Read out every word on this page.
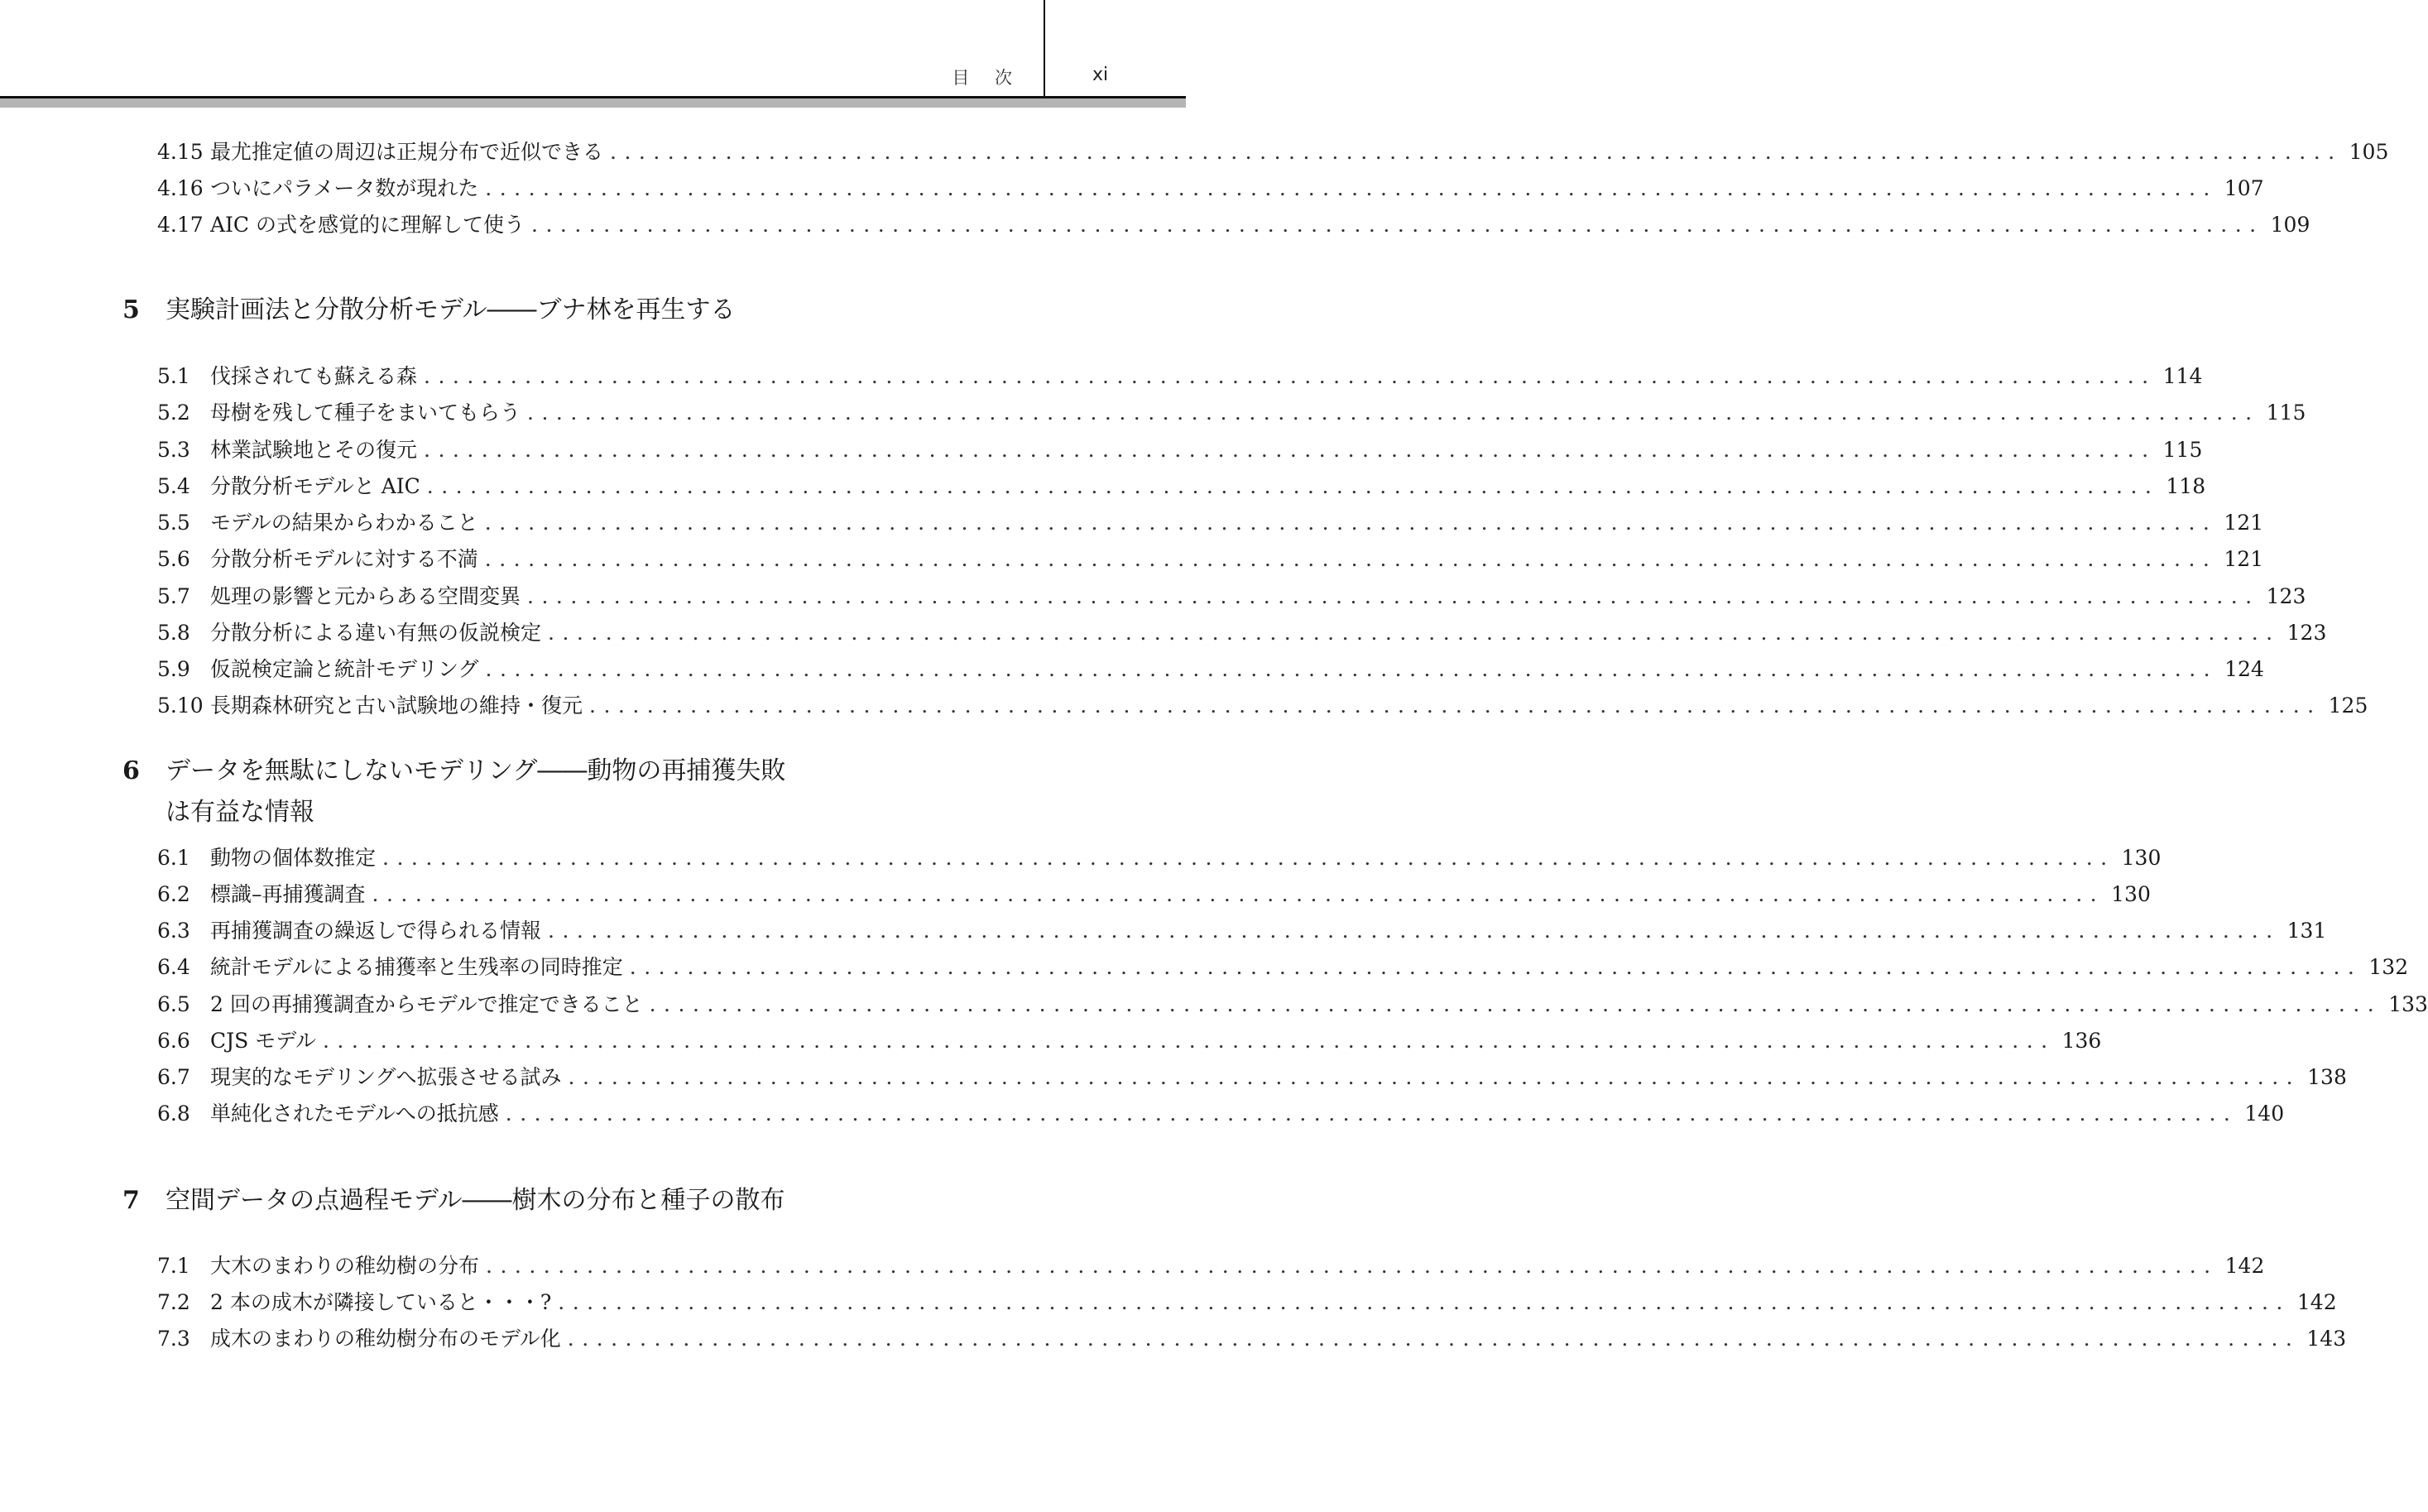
目 次	xi
4.15 最尤推定値の周辺は正規分布で近似できる ........................................................................................................................ 105
4.16 ついにパラメータ数が現れた ........................................................................................................................ 107
4.17 AIC の式を感覚的に理解して使う ........................................................................................................................ 109
5 実験計画法と分散分析モデル――ブナ林を再生する
5.1 伐採されても蘇える森 ........................................................................................................................ 114
5.2 母樹を残して種子をまいてもらう ........................................................................................................................ 115
5.3 林業試験地とその復元 ........................................................................................................................ 115
5.4 分散分析モデルと AIC ........................................................................................................................ 118
5.5 モデルの結果からわかること ........................................................................................................................ 121
5.6 分散分析モデルに対する不満 ........................................................................................................................ 121
5.7 処理の影響と元からある空間変異 ........................................................................................................................ 123
5.8 分散分析による違い有無の仮説検定 ........................................................................................................................ 123
5.9 仮説検定論と統計モデリング ........................................................................................................................ 124
5.10 長期森林研究と古い試験地の維持・復元 ........................................................................................................................ 125
6 データを無駄にしないモデリング――動物の再捕獲失敗
は有益な情報
6.1 動物の個体数推定 ........................................................................................................................ 130
6.2 標識–再捕獲調査 ........................................................................................................................ 130
6.3 再捕獲調査の繰返しで得られる情報 ........................................................................................................................ 131
6.4 統計モデルによる捕獲率と生残率の同時推定 ........................................................................................................................ 132
6.5 2 回の再捕獲調査からモデルで推定できること ........................................................................................................................ 133
6.6 CJS モデル ........................................................................................................................ 136
6.7 現実的なモデリングへ拡張させる試み ........................................................................................................................ 138
6.8 単純化されたモデルへの抵抗感 ........................................................................................................................ 140
7 空間データの点過程モデル――樹木の分布と種子の散布
7.1 大木のまわりの稚幼樹の分布 ........................................................................................................................ 142
7.2 2 本の成木が隣接していると・・・? ........................................................................................................................ 142
7.3 成木のまわりの稚幼樹分布のモデル化 ........................................................................................................................ 143
